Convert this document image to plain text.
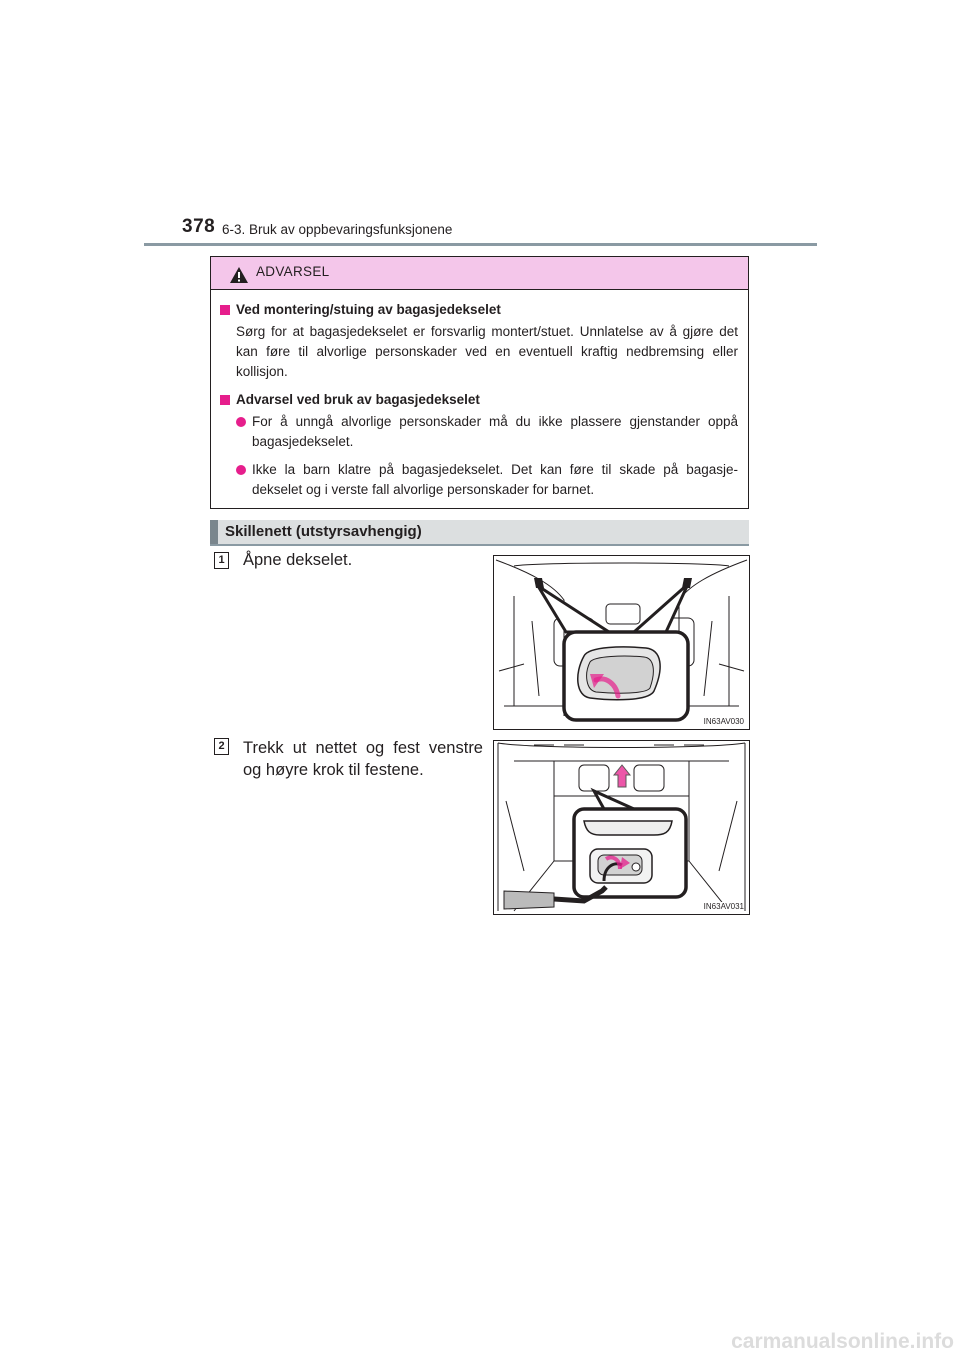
378 6-3. Bruk av oppbevaringsfunksjonene
ADVARSEL
Ved montering/stuing av bagasjedekselet
Sørg for at bagasjedekselet er forsvarlig montert/stuet. Unnlatelse av å gjøre det kan føre til alvorlige personskader ved en eventuell kraftig nedbremsing eller kollisjon.
Advarsel ved bruk av bagasjedekselet
For å unngå alvorlige personskader må du ikke plassere gjenstander oppå bagasjedekselet.
Ikke la barn klatre på bagasjedekselet. Det kan føre til skade på bagasje- dekselet og i verste fall alvorlige personskader for barnet.
Skillenett (utstyrsavhengig)
1 Åpne dekselet.
IN63AV030
2 Trekk ut nettet og fest venstre og høyre krok til festene.
IN63AV031
carmanualsonline.info
